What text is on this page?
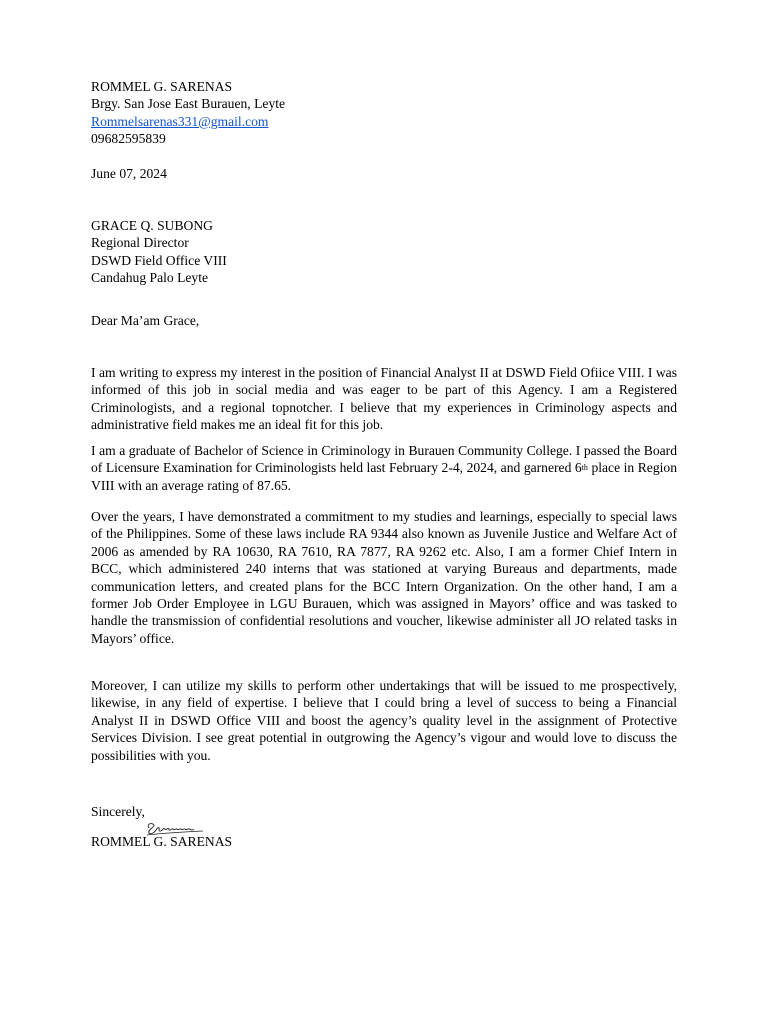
ROMMEL G. SARENAS
Brgy. San Jose East Burauen, Leyte
Rommelsarenas331@gmail.com
09682595839
June 07, 2024
GRACE Q. SUBONG
Regional Director
DSWD Field Office VIII
Candahug Palo Leyte
Dear Ma’am Grace,

I am writing to express my interest in the position of Financial Analyst II at DSWD Field Ofiice VIII. I was informed of this job in social media and was eager to be part of this Agency. I am a Registered Criminologists, and a regional topnotcher. I believe that my experiences in Criminology aspects and administrative field makes me an ideal fit for this job.

I am a graduate of Bachelor of Science in Criminology in Burauen Community College. I passed the Board of Licensure Examination for Criminologists held last February 2-4, 2024, and garnered 6th place in Region VIII with an average rating of 87.65.

Over the years, I have demonstrated a commitment to my studies and learnings, especially to special laws of the Philippines. Some of these laws include RA 9344 also known as Juvenile Justice and Welfare Act of 2006 as amended by RA 10630, RA 7610, RA 7877, RA 9262 etc. Also, I am a former Chief Intern in BCC, which administered 240 interns that was stationed at varying Bureaus and departments, made communication letters, and created plans for the BCC Intern Organization. On the other hand, I am a former Job Order Employee in LGU Burauen, which was assigned in Mayors’ office and was tasked to handle the transmission of confidential resolutions and voucher, likewise administer all JO related tasks in Mayors’ office.

Moreover, I can utilize my skills to perform other undertakings that will be issued to me prospectively, likewise, in any field of expertise. I believe that I could bring a level of success to being a Financial Analyst II in DSWD Office VIII and boost the agency’s quality level in the assignment of Protective Services Division. I see great potential in outgrowing the Agency’s vigour and would love to discuss the possibilities with you.

Sincerely,
ROMMEL G. SARENAS
